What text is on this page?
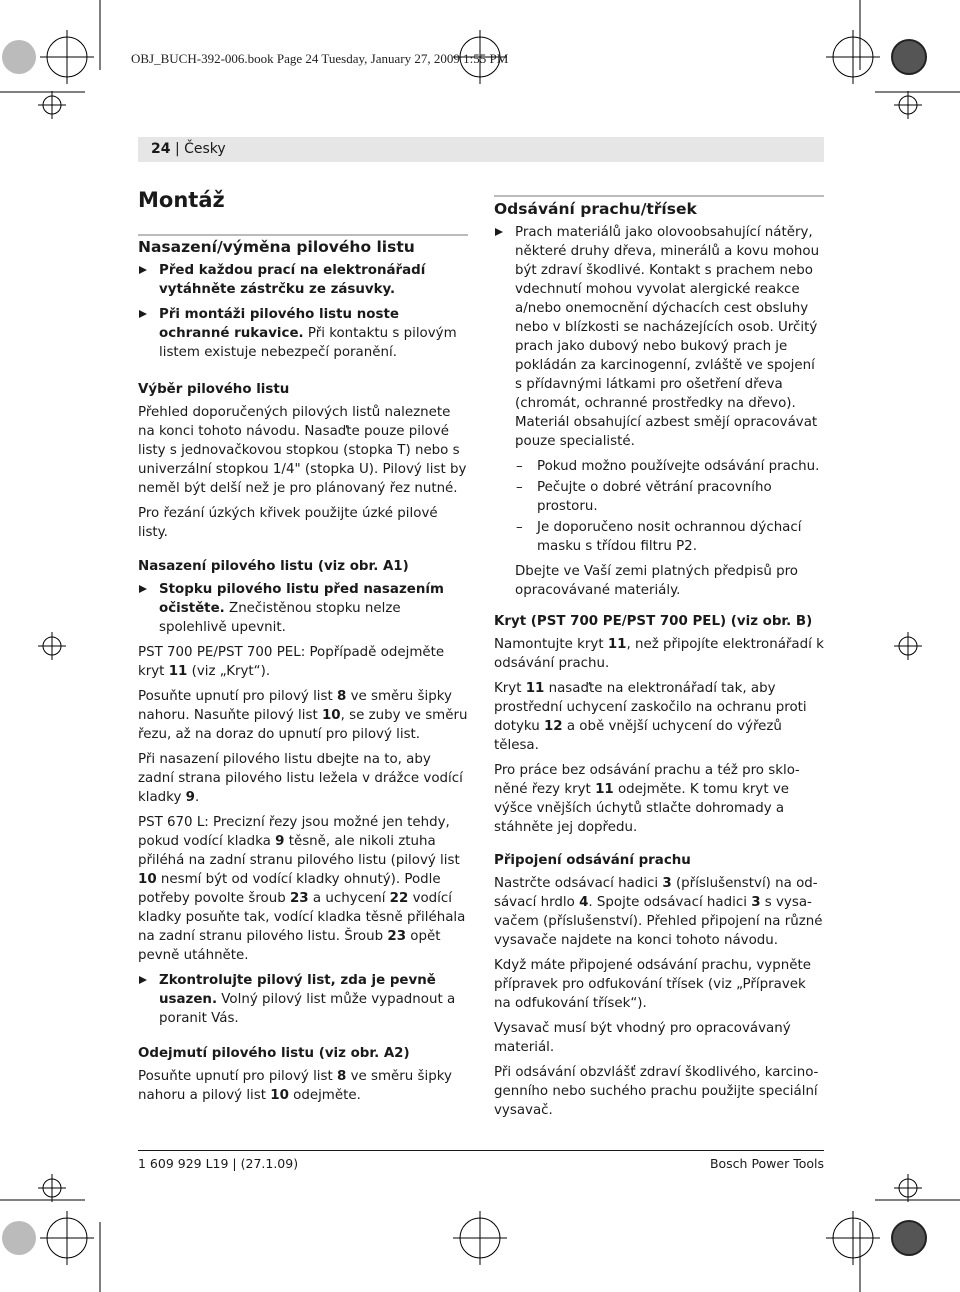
OBJ_BUCH-392-006.book Page 24 Tuesday, January 27, 2009 1:55 PM
24 | Česky
Montáž
Nasazení/výměna pilového listu
Před každou prací na elektronářadí vytáhněte zástrčku ze zásuvky.
Při montáži pilového listu noste ochranné rukavice. Při kontaktu s pilovým listem existuje nebezpečí poranění.
Výběr pilového listu

Přehled doporučených pilových listů naleznete na konci tohoto návodu. Nasaďte pouze pilové listy s jednovačkovou stopkou (stopka T) nebo s univerzální stopkou 1/4" (stopka U). Pilový list by neměl být delší než je pro plánovaný řez nutné.

Pro řezání úzkých křivek použijte úzké pilové listy.

Nasazení pilového listu (viz obr. A1)
Stopku pilového listu před nasazením očistěte. Znečistěnou stopku nelze spolehlivě upevnit.

PST 700 PE/PST 700 PEL: Popřípadě odejměte kryt 11 (viz „Kryt“).

Posuňte upnutí pro pilový list 8 ve směru šipky nahoru. Nasuňte pilový list 10, se zuby ve směru řezu, až na doraz do upnutí pro pilový list.

Při nasazení pilového listu dbejte na to, aby zadní strana pilového listu ležela v drážce vodící kladky 9.

PST 670 L: Precizní řezy jsou možné jen tehdy, pokud vodící kladka 9 těsně, ale nikoli ztuha přiléhá na zadní stranu pilového listu (pilový list 10 nesmí být od vodící kladky ohnutý). Podle potřeby povolte šroub 23 a uchycení 22 vodící kladky posuňte tak, vodící kladka těsně přiléhala na zadní stranu pilového listu. Šroub 23 opět pevně utáhněte.

Zkontrolujte pilový list, zda je pevně usazen. Volný pilový list může vypadnout a poranit Vás.
Odejmutí pilového listu (viz obr. A2)

Posuňte upnutí pro pilový list 8 ve směru šipky nahoru a pilový list 10 odejměte.

Odsávání prachu/třísek
Prach materiálů jako olovoobsahující nátěry, některé druhy dřeva, minerálů a kovu mohou být zdraví škodlivé. Kontakt s prachem nebo vdechnutí mohou vyvolat alergické reakce a/nebo onemocnění dýchacích cest obsluhy nebo v blízkosti se nacházejících osob. Určitý prach jako dubový nebo bukový prach je pokládán za karcinogenní, zvláště ve spojení s přídavnými látkami pro ošetření dřeva (chromát, ochranné prostředky na dřevo). Materiál obsahující azbest smějí opracovávat pouze specialisté.
– Pokud možno používejte odsávání prachu.
– Pečujte o dobré větrání pracovního prostoru.
– Je doporučeno nosit ochrannou dýchací masku s třídou filtru P2.

Dbejte ve Vaší zemi platných předpisů pro opracovávané materiály.

Kryt (PST 700 PE/PST 700 PEL) (viz obr. B)

Namontujte kryt 11, než připojíte elektronářadí k odsávání prachu.

Kryt 11 nasaďte na elektronářadí tak, aby prostřední uchycení zaskočilo na ochranu proti dotyku 12 a obě vnější uchycení do výřezů tělesa.

Pro práce bez odsávání prachu a též pro skloněné řezy kryt 11 odejměte. K tomu kryt ve výšce vnějších úchytů stlačte dohromady a stáhněte jej dopředu.

Připojení odsávání prachu

Nastrčte odsávací hadici 3 (příslušenství) na odsávací hrdlo 4. Spojte odsávací hadici 3 s vysavačem (příslušenství). Přehled připojení na různé vysavače najdete na konci tohoto návodu.

Když máte připojené odsávání prachu, vypněte přípravek pro odfukování třísek (viz „Přípravek na odfukování třísek“).

Vysavač musí být vhodný pro opracovávaný materiál.

Při odsávání obzvlášť zdraví škodlivého, karcinogenního nebo suchého prachu použijte speciální vysavač.

1 609 929 L19 | (27.1.09)	Bosch Power Tools
